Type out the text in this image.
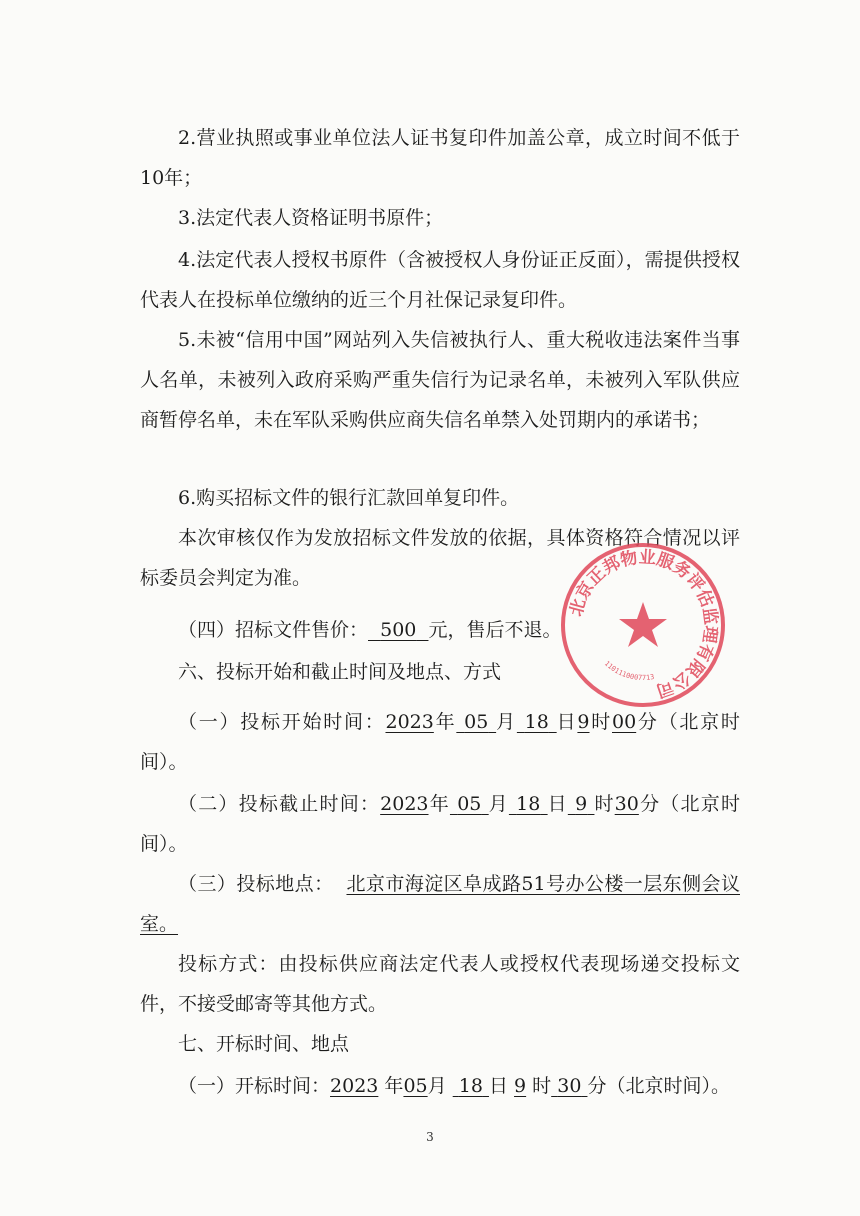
2.营业执照或事业单位法人证书复印件加盖公章，成立时间不低于10年；

3.法定代表人资格证明书原件；

4.法定代表人授权书原件（含被授权人身份证正反面），需提供授权代表人在投标单位缴纳的近三个月社保记录复印件。

5.未被“信用中国”网站列入失信被执行人、重大税收违法案件当事人名单，未被列入政府采购严重失信行为记录名单，未被列入军队供应商暂停名单，未在军队采购供应商失信名单禁入处罚期内的承诺书；

6.购买招标文件的银行汇款回单复印件。

本次审核仅作为发放招标文件发放的依据，具体资格符合情况以评标委员会判定为准。

（四）招标文件售价： 500 元，售后不退。

六、投标开始和截止时间及地点、方式

（一）投标开始时间：2023年 05 月 18 日9时00分（北京时间）。

（二）投标截止时间：2023年 05 月 18 日 9 时30分（北京时间）。

（三）投标地点： 北京市海淀区阜成路51号办公楼一层东侧会议室。

投标方式：由投标供应商法定代表人或授权代表现场递交投标文件，不接受邮寄等其他方式。

七、开标时间、地点

（一）开标时间：2023 年05月 18 日 9 时 30 分（北京时间）。

3
北京正邦物业服务评估监理有限公司
1101110007713
